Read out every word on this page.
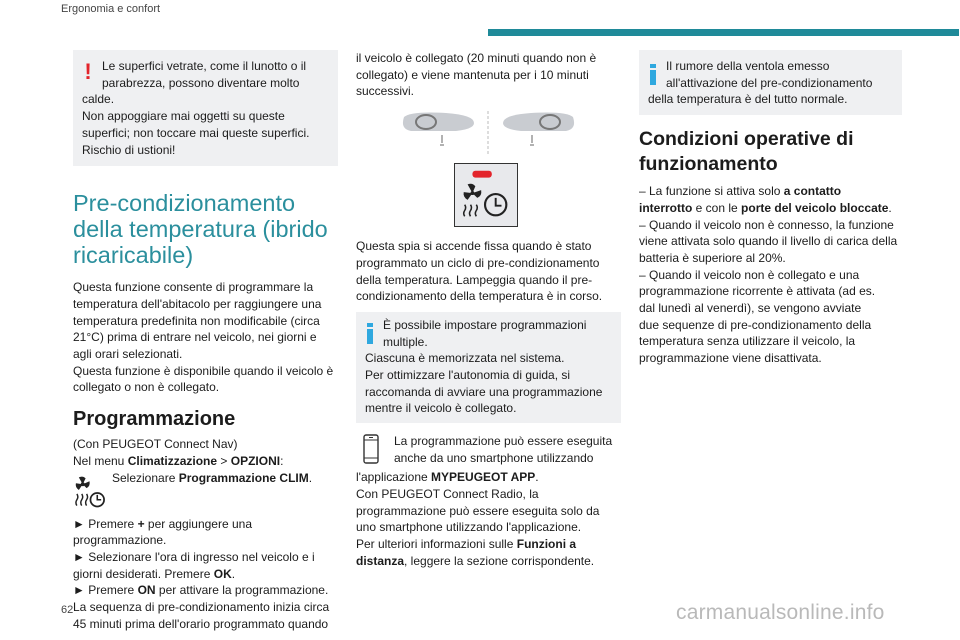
Ergonomia e confort
! Le superfici vetrate, come il lunotto o il

parabrezza, possono diventare molto

calde.

Non appoggiare mai oggetti su queste

superfici; non toccare mai queste superfici.

Rischio di ustioni!

Pre-condizionamento
della temperatura (ibrido
ricaricabile)

Questa funzione consente di programmare la

temperatura dell'abitacolo per raggiungere una

temperatura predefinita non modificabile (circa

21°C) prima di entrare nel veicolo, nei giorni e

agli orari selezionati.

Questa funzione è disponibile quando il veicolo è

collegato o non è collegato.

Programmazione

(Con PEUGEOT Connect Nav)

Nel menu Climatizzazione > OPZIONI:

Selezionare Programmazione CLIM.

► Premere + per aggiungere una

programmazione.

► Selezionare l'ora di ingresso nel veicolo e i

giorni desiderati. Premere OK.

► Premere ON per attivare la programmazione.

La sequenza di pre-condizionamento inizia circa

45 minuti prima dell'orario programmato quando

il veicolo è collegato (20 minuti quando non è

collegato) e viene mantenuta per i 10 minuti

successivi.

Questa spia si accende fissa quando è stato

programmato un ciclo di pre-condizionamento

della temperatura. Lampeggia quando il pre-

condizionamento della temperatura è in corso.

È possibile impostare programmazioni

multiple.

Ciascuna è memorizzata nel sistema.

Per ottimizzare l'autonomia di guida, si

raccomanda di avviare una programmazione

mentre il veicolo è collegato.

La programmazione può essere eseguita

anche da uno smartphone utilizzando

l'applicazione MYPEUGEOT APP.

Con PEUGEOT Connect Radio, la

programmazione può essere eseguita solo da

uno smartphone utilizzando l'applicazione.

Per ulteriori informazioni sulle Funzioni a

distanza, leggere la sezione corrispondente.

Il rumore della ventola emesso

all'attivazione del pre-condizionamento

della temperatura è del tutto normale.

Condizioni operative di
funzionamento

– La funzione si attiva solo a contatto

interrotto e con le porte del veicolo bloccate.

– Quando il veicolo non è connesso, la funzione

viene attivata solo quando il livello di carica della

batteria è superiore al 20%.

– Quando il veicolo non è collegato e una

programmazione ricorrente è attivata (ad es.

dal lunedì al venerdì), se vengono avviate

due sequenze di pre-condizionamento della

temperatura senza utilizzare il veicolo, la

programmazione viene disattivata.

62	carmanualsonline.info
